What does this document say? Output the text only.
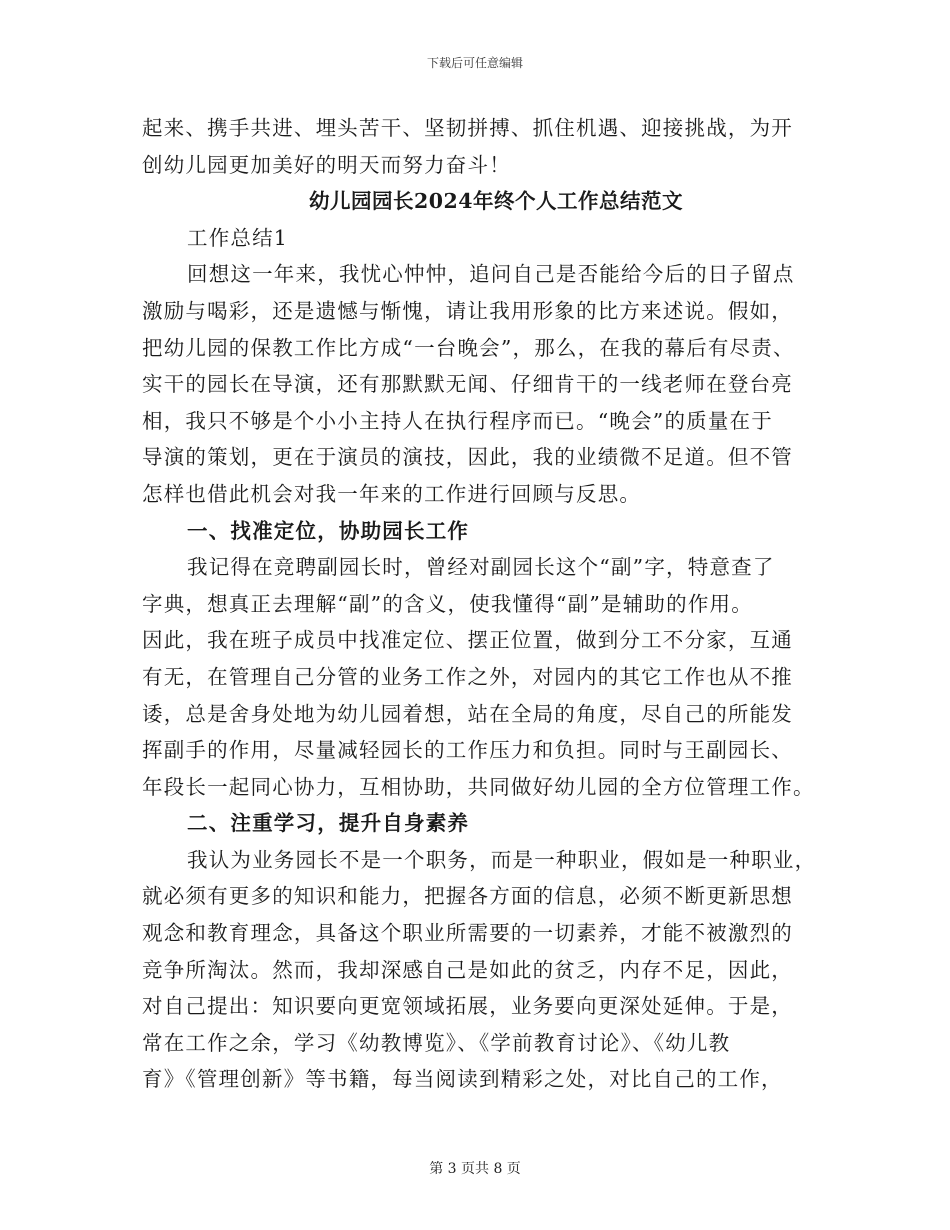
下载后可任意编辑
起来、携手共进、埋头苦干、坚韧拼搏、抓住机遇、迎接挑战，为开
创幼儿园更加美好的明天而努力奋斗！
幼儿园园长2024年终个人工作总结范文
工作总结1
回想这一年来，我忧心忡忡，追问自己是否能给今后的日子留点
激励与喝彩，还是遗憾与惭愧，请让我用形象的比方来述说。假如，
把幼儿园的保教工作比方成“一台晚会”，那么，在我的幕后有尽责、
实干的园长在导演，还有那默默无闻、仔细肯干的一线老师在登台亮
相，我只不够是个小小主持人在执行程序而已。“晚会”的质量在于
导演的策划，更在于演员的演技，因此，我的业绩微不足道。但不管
怎样也借此机会对我一年来的工作进行回顾与反思。
一、找准定位，协助园长工作
我记得在竞聘副园长时，曾经对副园长这个“副”字，特意查了
字典，想真正去理解“副”的含义，使我懂得“副”是辅助的作用。
因此，我在班子成员中找准定位、摆正位置，做到分工不分家，互通
有无，在管理自己分管的业务工作之外，对园内的其它工作也从不推
诿，总是舍身处地为幼儿园着想，站在全局的角度，尽自己的所能发
挥副手的作用，尽量减轻园长的工作压力和负担。同时与王副园长、
年段长一起同心协力，互相协助，共同做好幼儿园的全方位管理工作。
二、注重学习，提升自身素养
我认为业务园长不是一个职务，而是一种职业，假如是一种职业，
就必须有更多的知识和能力，把握各方面的信息，必须不断更新思想
观念和教育理念，具备这个职业所需要的一切素养，才能不被激烈的
竞争所淘汰。然而，我却深感自己是如此的贫乏，内存不足，因此，
对自己提出：知识要向更宽领域拓展，业务要向更深处延伸。于是，
常在工作之余，学习《幼教博览》、《学前教育讨论》、《幼儿教
育》《管理创新》等书籍，每当阅读到精彩之处，对比自己的工作，
第 3 页共 8 页
